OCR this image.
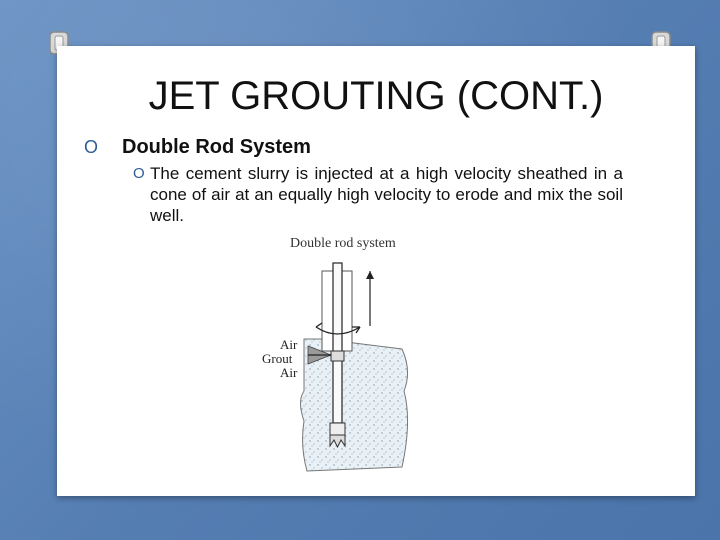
JET GROUTING (CONT.)
O	Double Rod System
O The cement slurry is injected at a high velocity sheathed in a cone of air at an equally high velocity to erode and mix the soil well.
Double rod system
Air
Grout
Air
